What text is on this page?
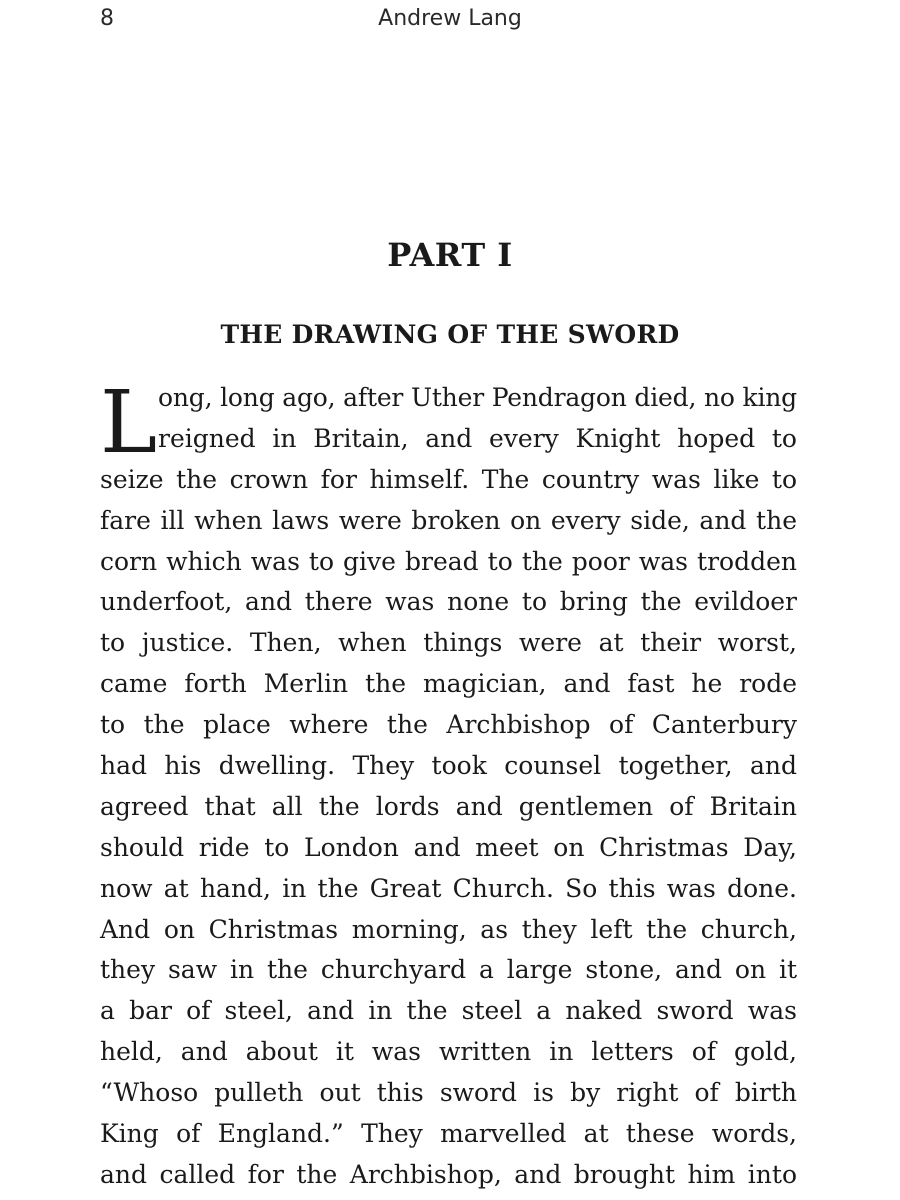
8	Andrew Lang
PART I
THE DRAWING OF THE SWORD
L ong, long ago, after Uther Pendragon died, no king
reigned in Britain, and every Knight hoped to
seize the crown for himself. The country was like to
fare ill when laws were broken on every side, and the
corn which was to give bread to the poor was trodden
underfoot, and there was none to bring the evildoer
to justice. Then, when things were at their worst,
came forth Merlin the magician, and fast he rode
to the place where the Archbishop of Canterbury
had his dwelling. They took counsel together, and
agreed that all the lords and gentlemen of Britain
should ride to London and meet on Christmas Day,
now at hand, in the Great Church. So this was done.
And on Christmas morning, as they left the church,
they saw in the churchyard a large stone, and on it
a bar of steel, and in the steel a naked sword was
held, and about it was written in letters of gold,
“Whoso pulleth out this sword is by right of birth
King of England.” They marvelled at these words,
and called for the Archbishop, and brought him into
